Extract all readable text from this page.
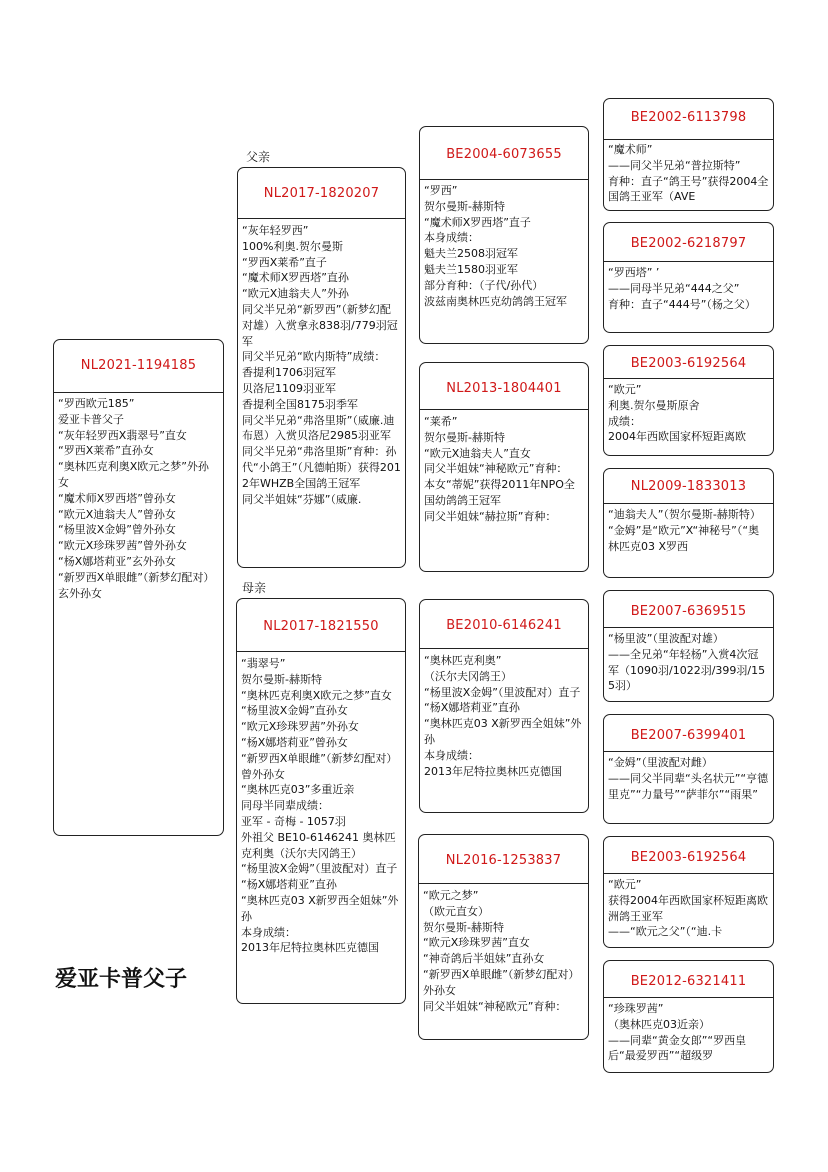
父亲
母亲
NL2021-1194185
“罗西欧元185”
爱亚卡普父子
“灰年轻罗西X翡翠号”直女
“罗西X莱希”直孙女
“奥林匹克利奥X欧元之梦”外孙女
“魔术师X罗西塔”曾孙女
“欧元X迪翁夫人”曾孙女
“杨里波X金姆”曾外孙女
“欧元X珍珠罗茜”曾外孙女
“杨X娜塔莉亚”玄外孙女
“新罗西X单眼雌”（新梦幻配对）玄外孙女
NL2017-1820207
“灰年轻罗西”
100%利奥.贺尔曼斯
“罗西X莱希”直子
“魔术师X罗西塔”直孙
“欧元X迪翁夫人”外孙
同父半兄弟“新罗西”（新梦幻配对雄）入赏拿永838羽/779羽冠军
同父半兄弟“欧内斯特”成绩：
香提利1706羽冠军
贝洛尼1109羽亚军
香提利全国8175羽季军
同父半兄弟“弗洛里斯”（威廉.迪布恩）入赏贝洛尼2985羽亚军
同父半兄弟“弗洛里斯”育种：孙代“小鸽王”（凡德帕斯）获得2012年WHZB全国鸽王冠军
同父半姐妹“芬娜”（威廉.
NL2017-1821550
“翡翠号”
贺尔曼斯-赫斯特
“奥林匹克利奥X欧元之梦”直女
“杨里波X金姆”直孙女
“欧元X珍珠罗茜”外孙女
“杨X娜塔莉亚”曾孙女
“新罗西X单眼雌”（新梦幻配对）曾外孙女
“奥林匹克03”多重近亲
同母半同辈成绩：
亚军 - 奇梅 - 1057羽
外祖父 BE10-6146241 奥林匹克利奥（沃尔夫冈鸽王）
“杨里波X金姆”（里波配对）直子
“杨X娜塔莉亚”直孙
“奥林匹克03 X新罗西全姐妹”外孙
本身成绩：
2013年尼特拉奥林匹克德国
BE2004-6073655
“罗西”
贺尔曼斯-赫斯特
“魔术师X罗西塔”直子
本身成绩：
魁夫兰2508羽冠军
魁夫兰1580羽亚军
部分育种：（子代/孙代）
波兹南奥林匹克幼鸽鸽王冠军
NL2013-1804401
“莱希”
贺尔曼斯-赫斯特
“欧元X迪翁夫人”直女
同父半姐妹“神秘欧元”育种：
本女“蒂妮”获得2011年NPO全国幼鸽鸽王冠军
同父半姐妹“赫拉斯”育种：
BE2010-6146241
“奥林匹克利奥”
（沃尔夫冈鸽王）
“杨里波X金姆”（里波配对）直子
“杨X娜塔莉亚”直孙
“奥林匹克03 X新罗西全姐妹”外孙
本身成绩：
2013年尼特拉奥林匹克德国
NL2016-1253837
“欧元之梦”
（欧元直女）
贺尔曼斯-赫斯特
“欧元X珍珠罗茜”直女
“神奇鸽后半姐妹”直孙女
“新罗西X单眼雌”（新梦幻配对）外孙女
同父半姐妹“神秘欧元”育种：
BE2002-6113798
“魔术师”
——同父半兄弟“普拉斯特”
育种：直子“鸽王号”获得2004全国鸽王亚军（AVE
BE2002-6218797
“罗西塔” ’
——同母半兄弟“444之父”
育种：直子“444号”（杨之父）
BE2003-6192564
“欧元”
利奥.贺尔曼斯原舍
成绩：
2004年西欧国家杯短距离欧
NL2009-1833013
“迪翁夫人”（贺尔曼斯-赫斯特）
“金姆”是“欧元”X“神秘号”（“奥林匹克03 X罗西
BE2007-6369515
“杨里波”（里波配对雄）
——全兄弟“年轻杨”入赏4次冠军（1090羽/1022羽/399羽/155羽）
BE2007-6399401
“金姆”（里波配对雌）
——同父半同辈“头名状元”“亨德里克”“力量号”“萨菲尔”“雨果”
BE2003-6192564
“欧元”
获得2004年西欧国家杯短距离欧洲鸽王亚军
——“欧元之父”（“迪.卡
BE2012-6321411
“珍珠罗茜”
（奥林匹克03近亲）
——同辈“黄金女郎”“罗西皇后“最爱罗西”“超级罗
爱亚卡普父子
